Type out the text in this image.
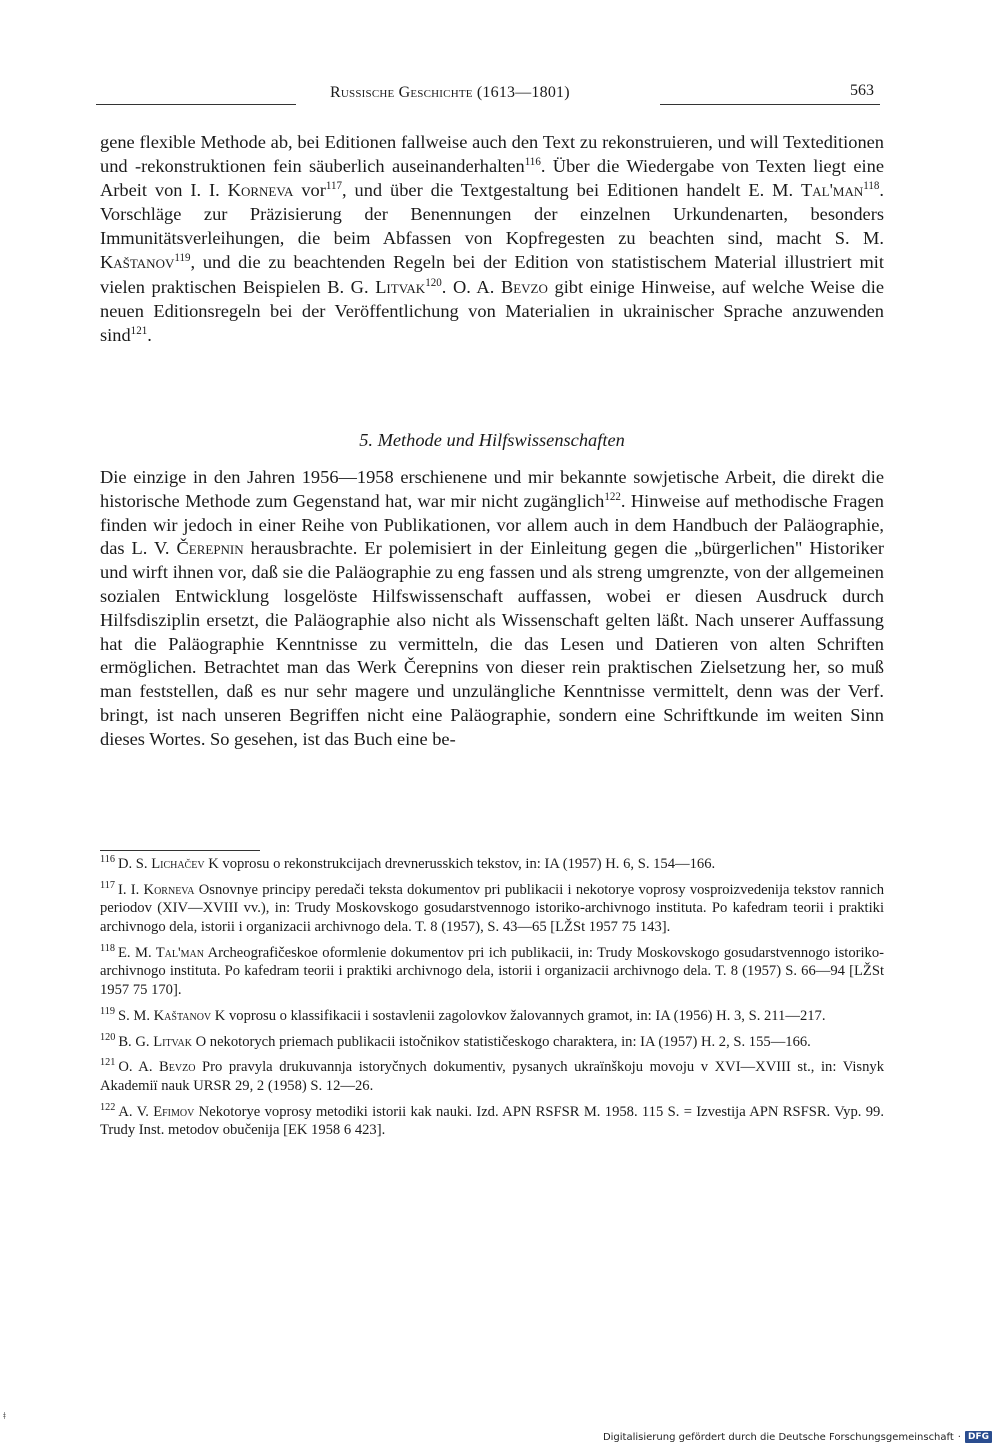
Russische Geschichte (1613—1801)	563

gene flexible Methode ab, bei Editionen fallweise auch den Text zu rekonstruieren, und will Texteditionen und -rekonstruktionen fein säuberlich auseinanderhalten$^{116}$. Über die Wiedergabe von Texten liegt eine Arbeit von I. I. Korneva vor$^{117}$, und über die Textgestaltung bei Editionen handelt E. M. Tal'man$^{118}$. Vorschläge zur Präzisierung der Benennungen der einzelnen Urkundenarten, besonders Immunitätsverleihungen, die beim Abfassen von Kopfregesten zu beachten sind, macht S. M. Kaštanov$^{119}$, und die zu beachtenden Regeln bei der Edition von statistischem Material illustriert mit vielen praktischen Beispielen B. G. Litvak$^{120}$. O. A. Bevzo gibt einige Hinweise, auf welche Weise die neuen Editionsregeln bei der Veröffentlichung von Materialien in ukrainischer Sprache anzuwenden sind$^{121}$.

5. Methode und Hilfswissenschaften

Die einzige in den Jahren 1956—1958 erschienene und mir bekannte sowjetische Arbeit, die direkt die historische Methode zum Gegenstand hat, war mir nicht zugänglich$^{122}$. Hinweise auf methodische Fragen finden wir jedoch in einer Reihe von Publikationen, vor allem auch in dem Handbuch der Paläographie, das L. V. Čerepnin herausbrachte. Er polemisiert in der Einleitung gegen die „bürgerlichen" Historiker und wirft ihnen vor, daß sie die Paläographie zu eng fassen und als streng umgrenzte, von der allgemeinen sozialen Entwicklung losgelöste Hilfswissenschaft auffassen, wobei er diesen Ausdruck durch Hilfsdisziplin ersetzt, die Paläographie also nicht als Wissenschaft gelten läßt. Nach unserer Auffassung hat die Paläographie Kenntnisse zu vermitteln, die das Lesen und Datieren von alten Schriften ermöglichen. Betrachtet man das Werk Čerepnins von dieser rein praktischen Zielsetzung her, so muß man feststellen, daß es nur sehr magere und unzulängliche Kenntnisse vermittelt, denn was der Verf. bringt, ist nach unseren Begriffen nicht eine Paläographie, sondern eine Schriftkunde im weiten Sinn dieses Wortes. So gesehen, ist das Buch eine be-

$^{116}$ D. S. Lichačev K voprosu o rekonstrukcijach drevnerusskich tekstov, in: IA (1957) H. 6, S. 154—166.

$^{117}$ I. I. Korneva Osnovnye principy peredači teksta dokumentov pri publikacii i nekotorye voprosy vosproizvedenija tekstov rannich periodov (XIV—XVIII vv.), in: Trudy Moskovskogo gosudarstvennogo istoriko-archivnogo instituta. Po kafedram teorii i praktiki archivnogo dela, istorii i organizacii archivnogo dela. T. 8 (1957), S. 43—65 [LŽSt 1957 75 143].

$^{118}$ E. M. Tal'man Archeografičeskoe oformlenie dokumentov pri ich publikacii, in: Trudy Moskovskogo gosudarstvennogo istoriko-archivnogo instituta. Po kafedram teorii i praktiki archivnogo dela, istorii i organizacii archivnogo dela. T. 8 (1957) S. 66—94 [LŽSt 1957 75 170].

$^{119}$ S. M. Kaštanov K voprosu o klassifikacii i sostavlenii zagolovkov žalovannych gramot, in: IA (1956) H. 3, S. 211—217.

$^{120}$ B. G. Litvak O nekotorych priemach publikacii istočnikov statističeskogo charaktera, in: IA (1957) H. 2, S. 155—166.

$^{121}$ O. A. Bevzo Pro pravyla drukuvannja istoryčnych dokumentiv, pysanych ukraïnškoju movoju v XVI—XVIII st., in: Visnyk Akademiï nauk URSR 29, 2 (1958) S. 12—26.

$^{122}$ A. V. Efimov Nekotorye voprosy metodiki istorii kak nauki. Izd. APN RSFSR M. 1958. 115 S. = Izvestija APN RSFSR. Vyp. 99. Trudy Inst. metodov obučenija [EK 1958 6 423].

ǂ
Digitalisierung gefördert durch die Deutsche Forschungsgemeinschaft · DFG
